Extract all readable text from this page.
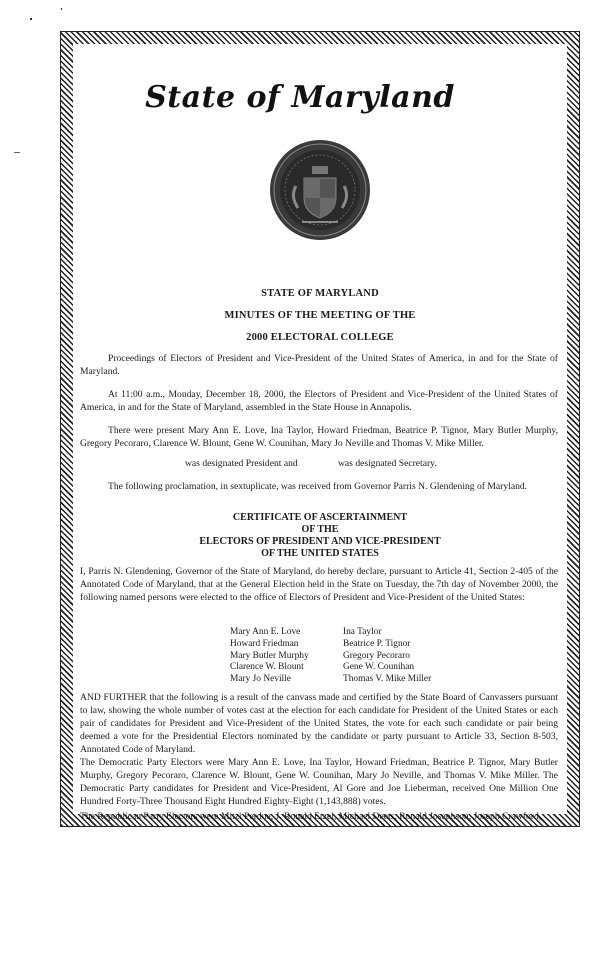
State of Maryland
STATE OF MARYLAND
MINUTES OF THE MEETING OF THE
2000 ELECTORAL COLLEGE
Proceedings of Electors of President and Vice-President of the United States of America, in and for the State of Maryland.
At 11:00 a.m., Monday, December 18, 2000, the Electors of President and Vice-President of the United States of America, in and for the State of Maryland, assembled in the State House in Annapolis.
There were present Mary Ann E. Love, Ina Taylor, Howard Friedman, Beatrice P. Tignor, Mary Butler Murphy, Gregory Pecoraro, Clarence W. Blount, Gene W. Counihan, Mary Jo Neville and Thomas V. Mike Miller.
was designated President and	was designated Secretary.
The following proclamation, in sextuplicate, was received from Governor Parris N. Glendening of Maryland.
CERTIFICATE OF ASCERTAINMENT
OF THE
ELECTORS OF PRESIDENT AND VICE-PRESIDENT
OF THE UNITED STATES
I, Parris N. Glendening, Governor of the State of Maryland, do hereby declare, pursuant to Article 41, Section 2-405 of the Annotated Code of Maryland, that at the General Election held in the State on Tuesday, the 7th day of November 2000, the following named persons were elected to the office of Electors of President and Vice-President of the United States:
Mary Ann E. Love
Howard Friedman
Mary Butler Murphy
Clarence W. Blount
Mary Jo Neville
Ina Taylor
Beatrice P. Tignor
Gregory Pecoraro
Gene W. Counihan
Thomas V. Mike Miller
AND FURTHER that the following is a result of the canvass made and certified by the State Board of Canvassers pursuant to law, showing the whole number of votes cast at the election for each candidate for President of the United States or each pair of candidates for President and Vice-President of the United States, the vote for each such candidate or pair being deemed a vote for the Presidential Electors nominated by the candidate or party pursuant to Article 33, Section 8-503, Annotated Code of Maryland.
The Democratic Party Electors were Mary Ann E. Love, Ina Taylor, Howard Friedman, Beatrice P. Tignor, Mary Butler Murphy, Gregory Pecoraro, Clarence W. Blount, Gene W. Counihan, Mary Jo Neville, and Thomas V. Mike Miller. The Democratic Party candidates for President and Vice-President, Al Gore and Joe Lieberman, received One Million One Hundred Forty-Three Thousand Eight Hundred Eighty-Eight (1,143,888) votes.
The Republican Party Electors were Mitzi Perdue, J. Ronald Etzel, Michael Deets, Ronald Josephson, Joseph Crawford,
